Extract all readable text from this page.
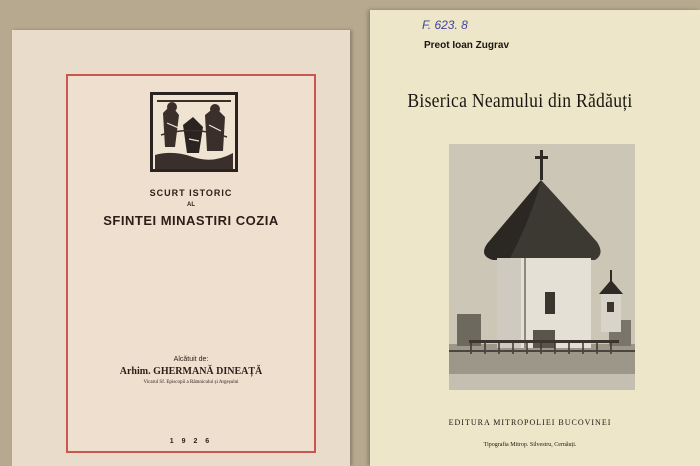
SCURT ISTORIC

AL

SFINTEI MINASTIRI COZIA

Alcătuit de:

Arhim. GHERMANĂ DINEAȚĂ

Vicarul Sf. Episcopii a Râmnicului și Argeșului

1 9 2 6

F. 623. 8
Preot Ioan Zugrav
Biserica Neamului din Rădăuți
EDITURA MITROPOLIEI BUCOVINEI
Tipografia Mitrop. Silvestru, Cernăuți.
